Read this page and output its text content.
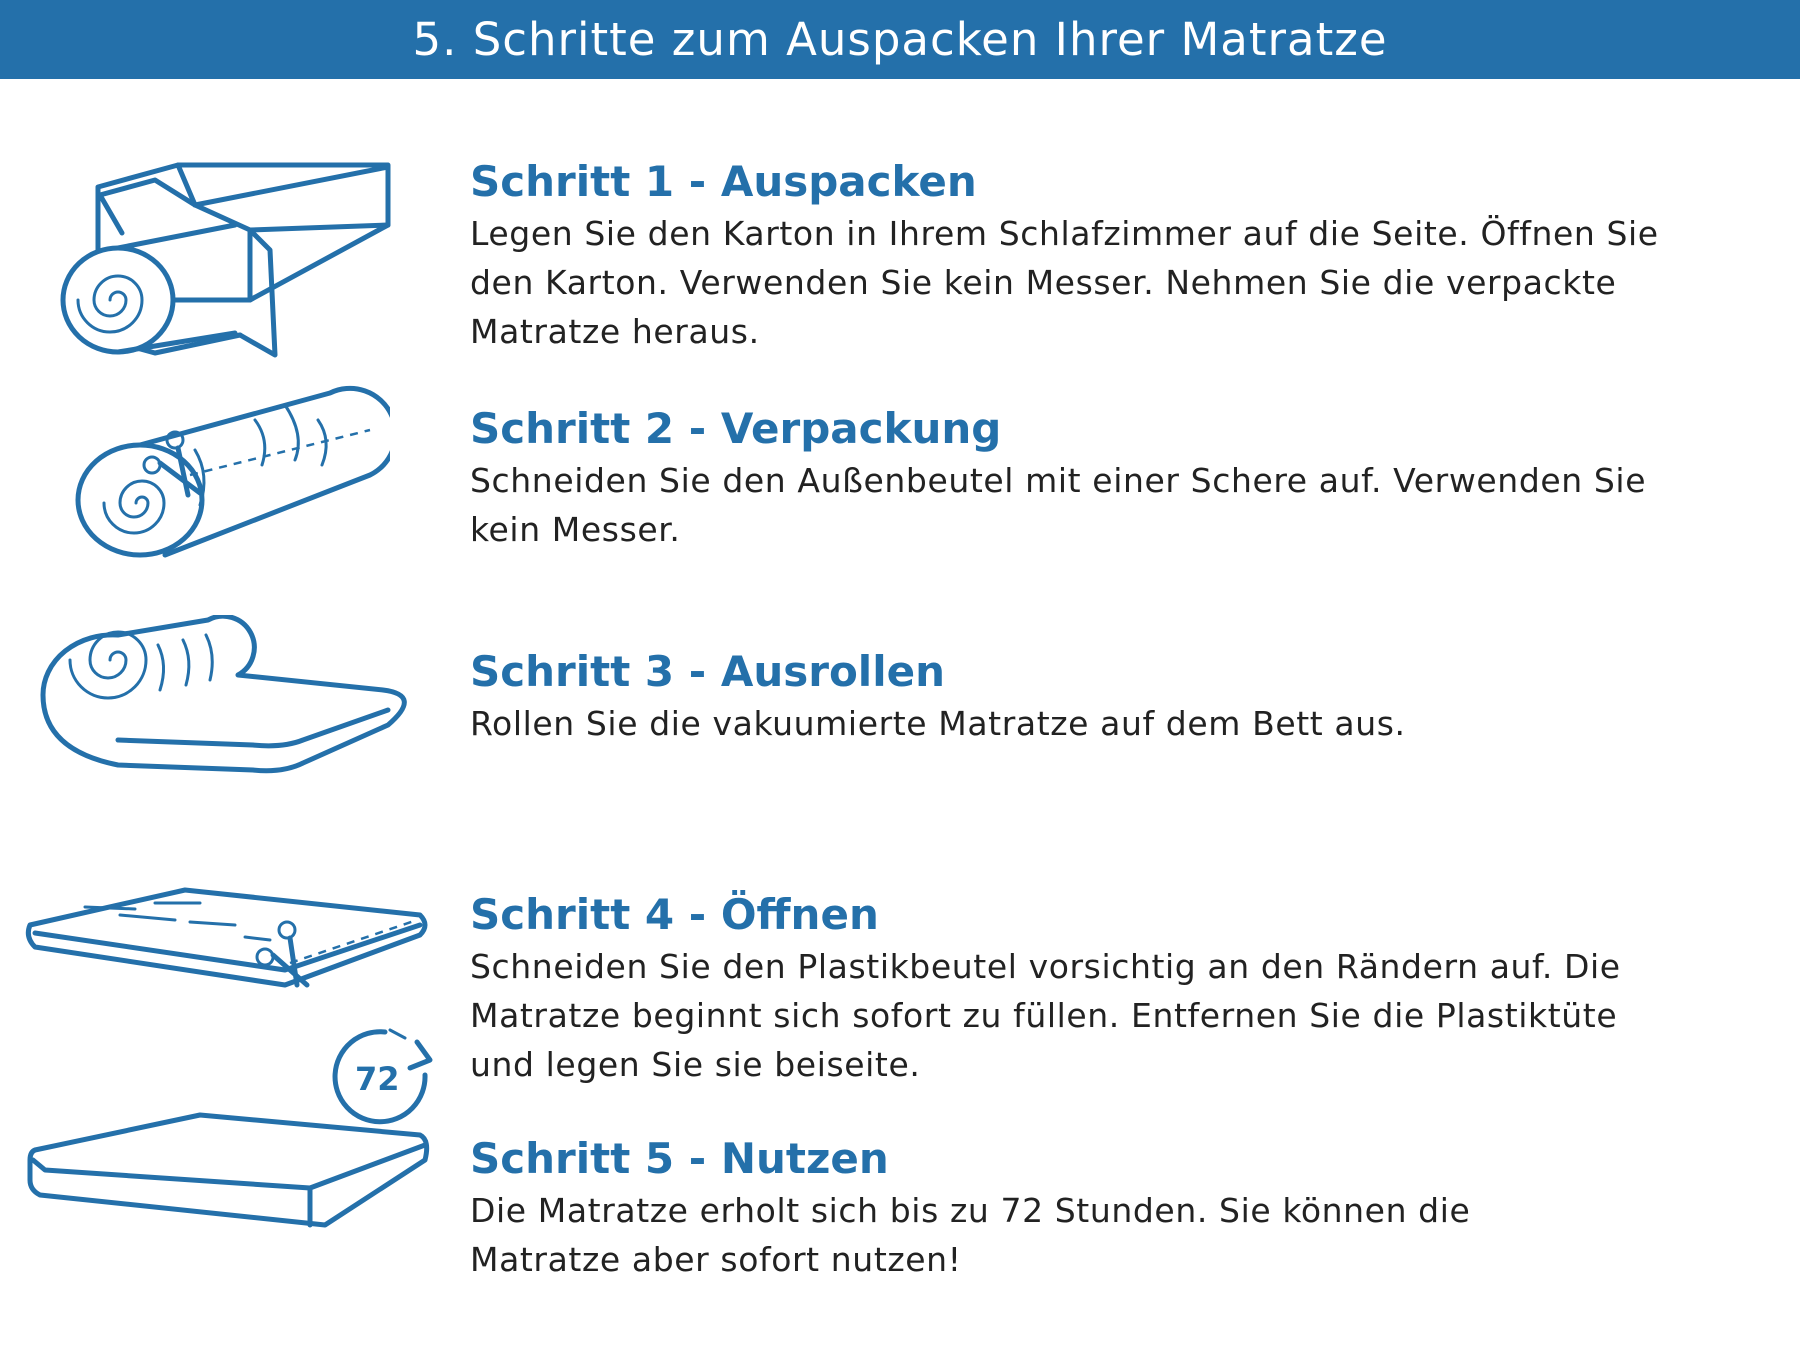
5. Schritte zum Auspacken Ihrer Matratze
72
Schritt 1 - Auspacken

Legen Sie den Karton in Ihrem Schlafzimmer auf die Seite. Öffnen Sie
den Karton. Verwenden Sie kein Messer. Nehmen Sie die verpackte
Matratze heraus.

Schritt 2 - Verpackung

Schneiden Sie den Außenbeutel mit einer Schere auf. Verwenden Sie
kein Messer.

Schritt 3 - Ausrollen

Rollen Sie die vakuumierte Matratze auf dem Bett aus.

Schritt 4 - Öffnen

Schneiden Sie den Plastikbeutel vorsichtig an den Rändern auf. Die
Matratze beginnt sich sofort zu füllen. Entfernen Sie die Plastiktüte
und legen Sie sie beiseite.

Schritt 5 - Nutzen

Die Matratze erholt sich bis zu 72 Stunden. Sie können die
Matratze aber sofort nutzen!
